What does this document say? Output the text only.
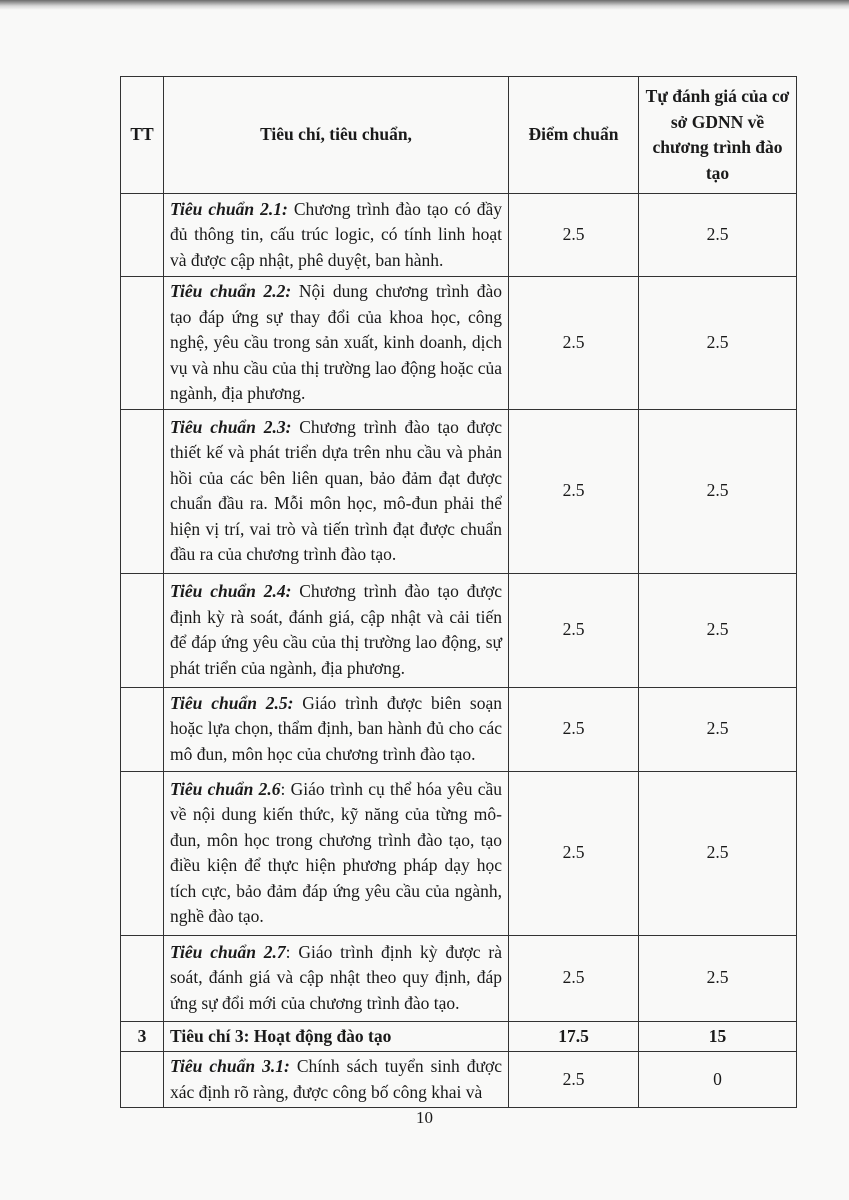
TT	Tiêu chí, tiêu chuẩn,	Điểm chuẩn	Tự đánh giá của cơ sở GDNN về chương trình đào tạo
	Tiêu chuẩn 2.1: Chương trình đào tạo có đầy đủ thông tin, cấu trúc logic, có tính linh hoạt và được cập nhật, phê duyệt, ban hành.	2.5	2.5
	Tiêu chuẩn 2.2: Nội dung chương trình đào tạo đáp ứng sự thay đổi của khoa học, công nghệ, yêu cầu trong sản xuất, kinh doanh, dịch vụ và nhu cầu của thị trường lao động hoặc của ngành, địa phương.	2.5	2.5
	Tiêu chuẩn 2.3: Chương trình đào tạo được thiết kế và phát triển dựa trên nhu cầu và phản hồi của các bên liên quan, bảo đảm đạt được chuẩn đầu ra. Mỗi môn học, mô-đun phải thể hiện vị trí, vai trò và tiến trình đạt được chuẩn đầu ra của chương trình đào tạo.	2.5	2.5
	Tiêu chuẩn 2.4: Chương trình đào tạo được định kỳ rà soát, đánh giá, cập nhật và cải tiến để đáp ứng yêu cầu của thị trường lao động, sự phát triển của ngành, địa phương.	2.5	2.5
	Tiêu chuẩn 2.5: Giáo trình được biên soạn hoặc lựa chọn, thẩm định, ban hành đủ cho các mô đun, môn học của chương trình đào tạo.	2.5	2.5
	Tiêu chuẩn 2.6: Giáo trình cụ thể hóa yêu cầu về nội dung kiến thức, kỹ năng của từng mô-đun, môn học trong chương trình đào tạo, tạo điều kiện để thực hiện phương pháp dạy học tích cực, bảo đảm đáp ứng yêu cầu của ngành, nghề đào tạo.	2.5	2.5
	Tiêu chuẩn 2.7: Giáo trình định kỳ được rà soát, đánh giá và cập nhật theo quy định, đáp ứng sự đổi mới của chương trình đào tạo.	2.5	2.5
3	Tiêu chí 3: Hoạt động đào tạo	17.5	15
	Tiêu chuẩn 3.1: Chính sách tuyển sinh được xác định rõ ràng, được công bố công khai và	2.5	0
10
